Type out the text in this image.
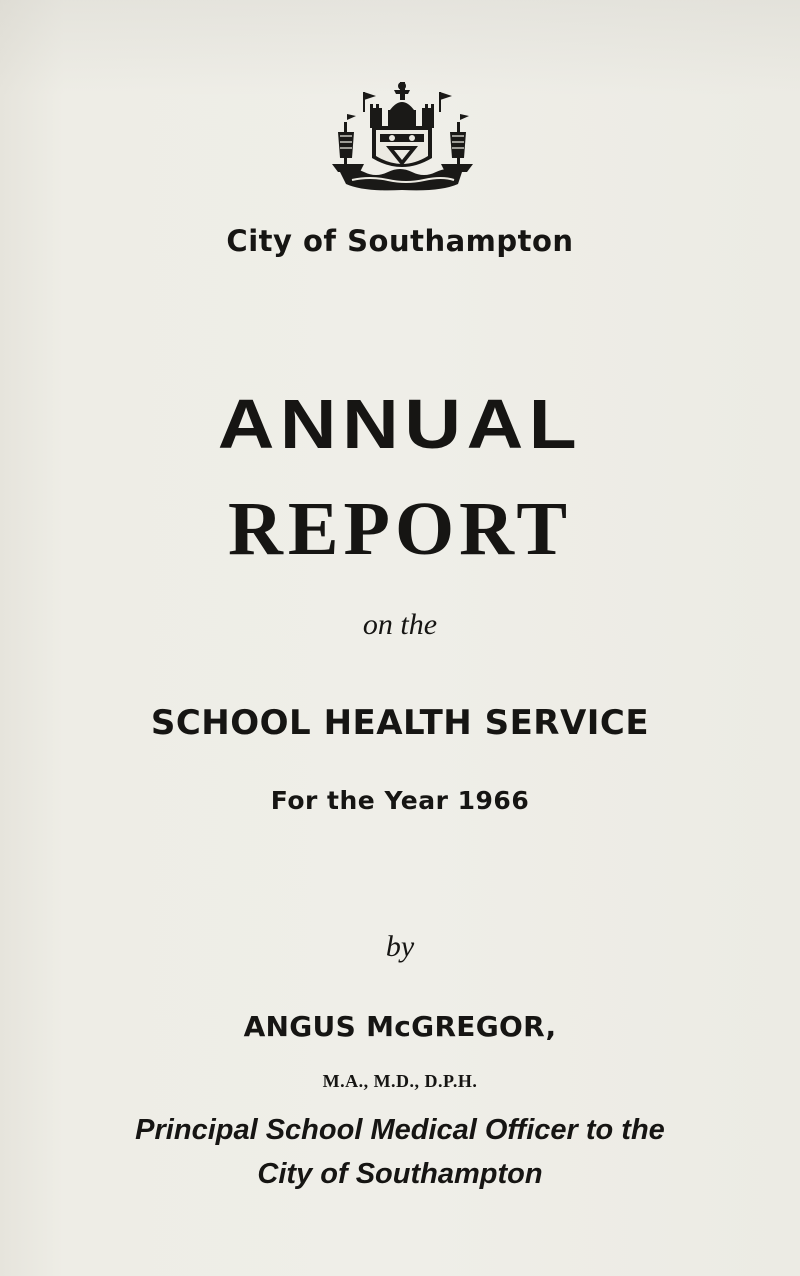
City of Southampton
ANNUAL
REPORT
on the
SCHOOL HEALTH SERVICE
For the Year 1966
by
ANGUS McGREGOR,
M.A., M.D., D.P.H.
Principal School Medical Officer to the
City of Southampton
